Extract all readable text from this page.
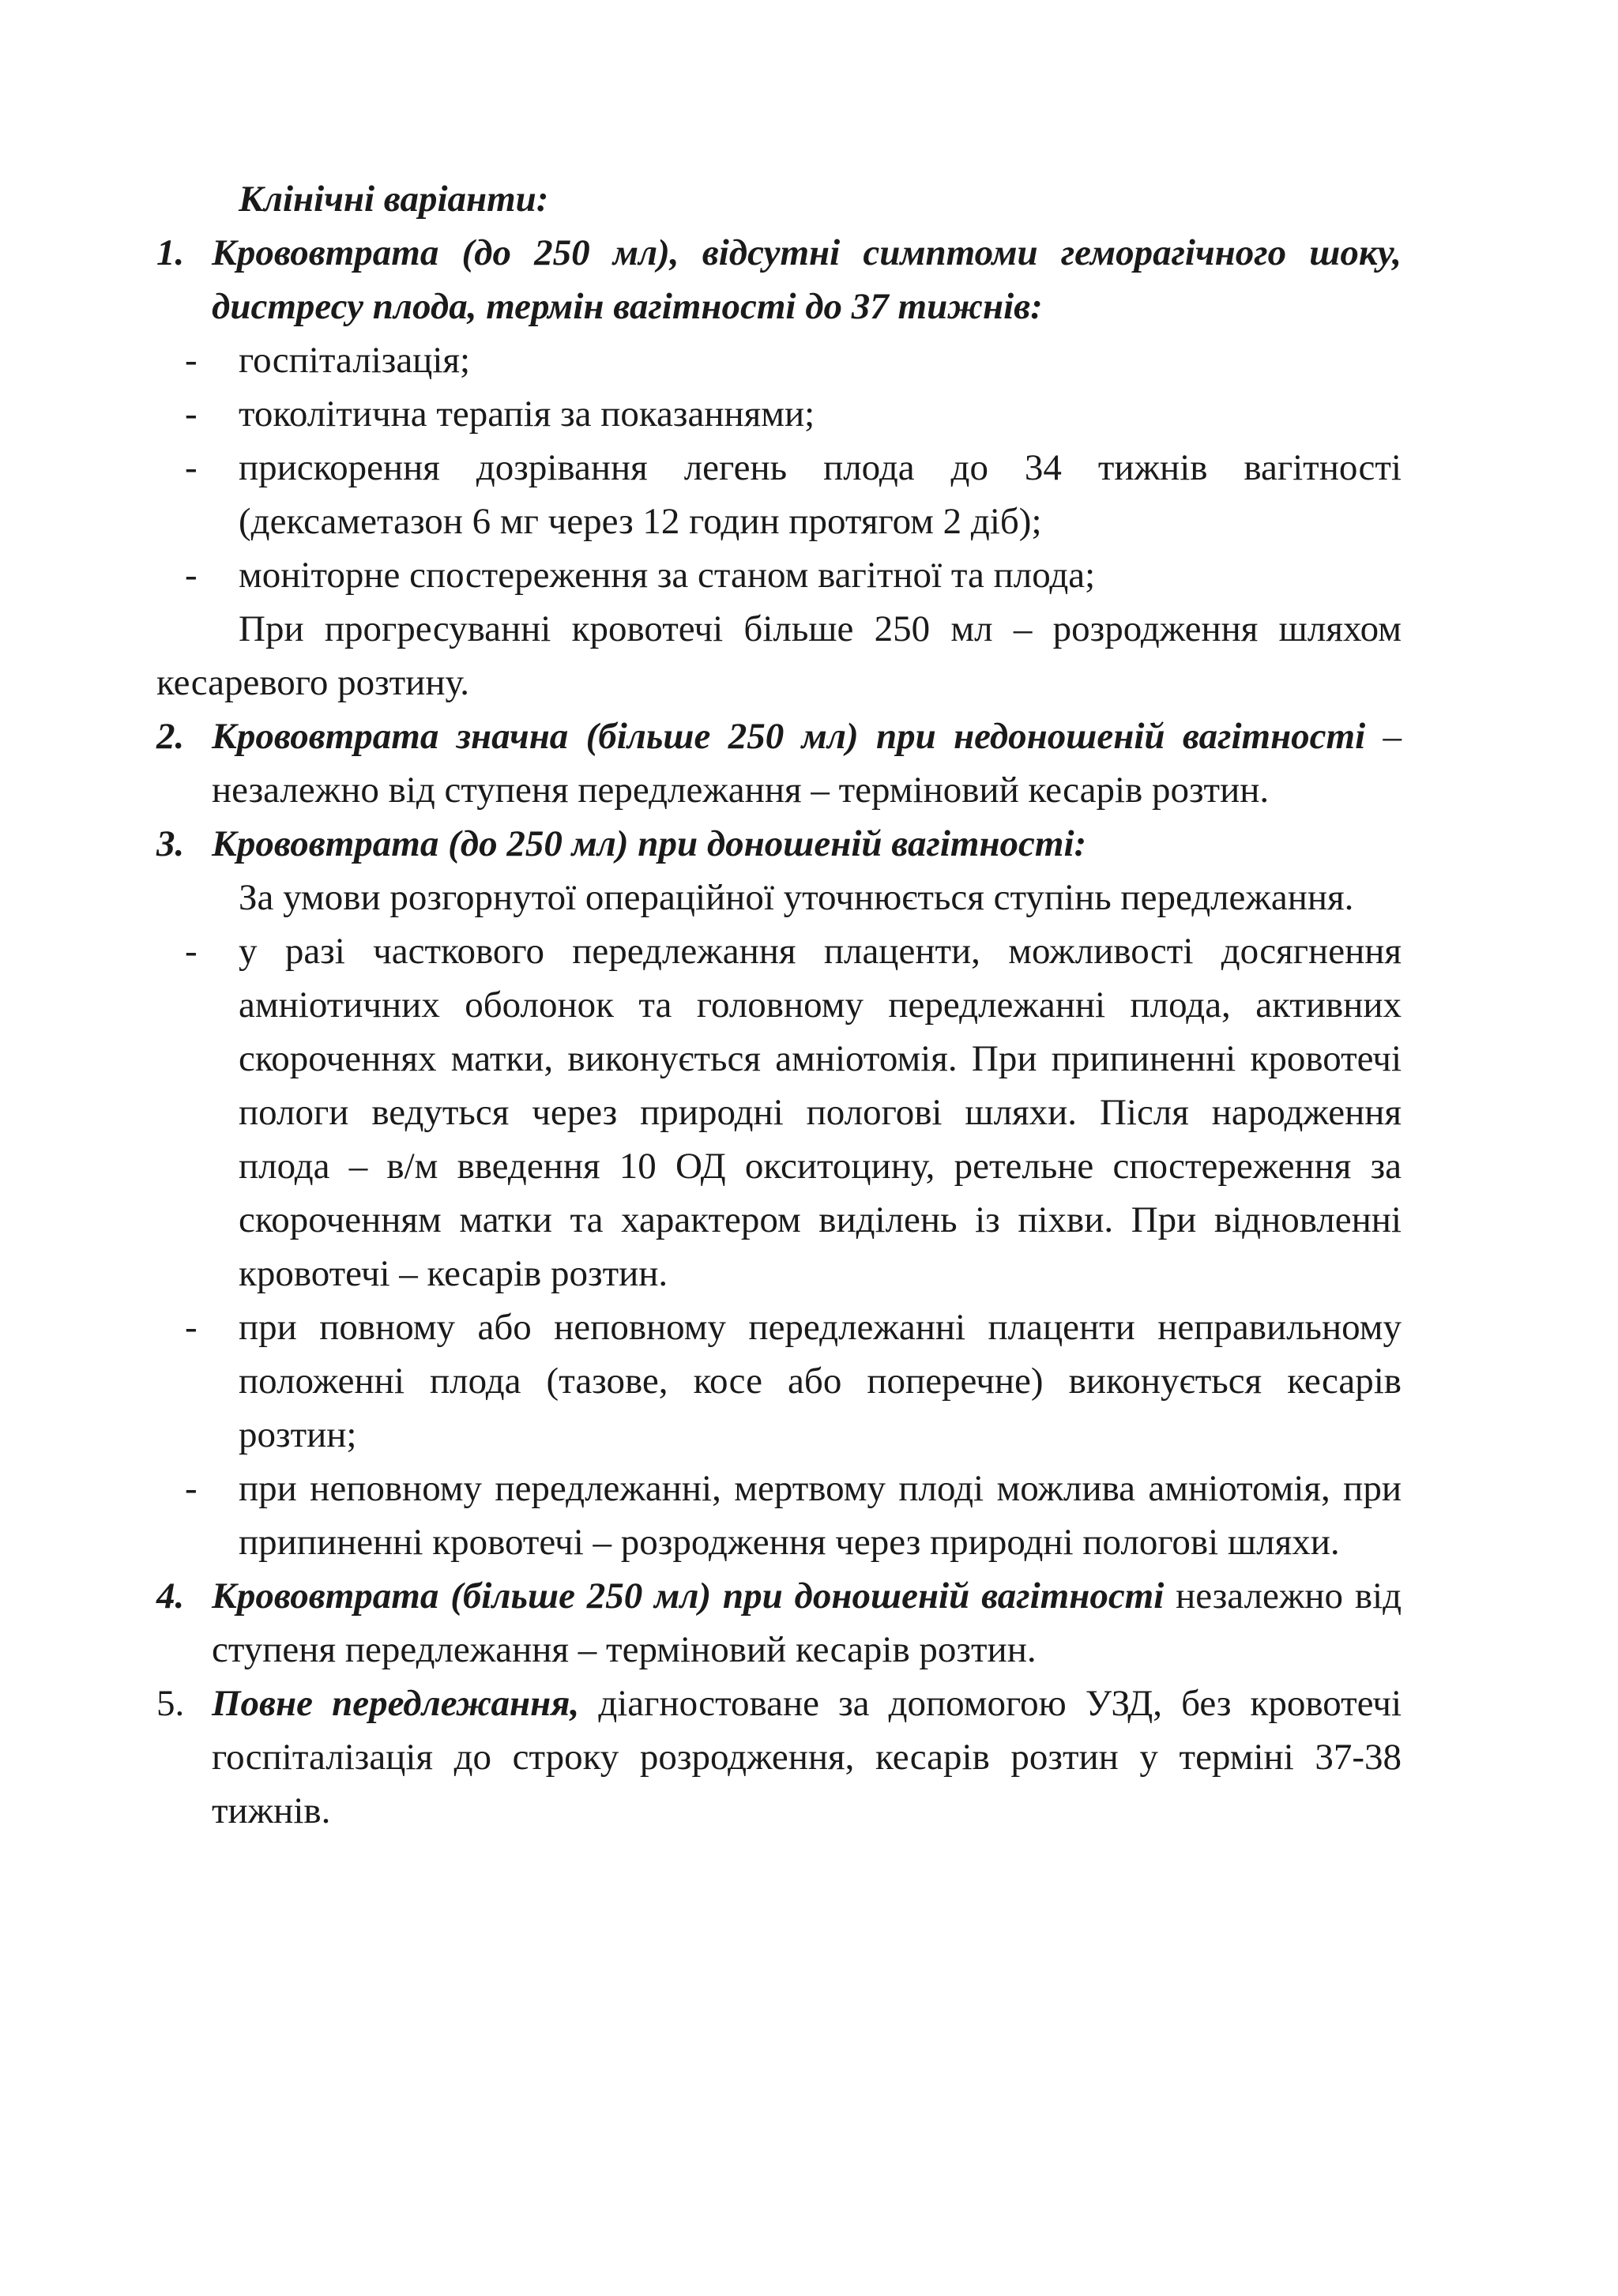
Клінічні варіанти:
1. Крововтрата (до 250 мл), відсутні симптоми геморагічного шоку, дистресу плода, термін вагітності до 37 тижнів:
- госпіталізація;
- токолітична терапія за показаннями;
- прискорення дозрівання легень плода до 34 тижнів вагітності (дексаметазон 6 мг через 12 годин протягом 2 діб);
- моніторне спостереження за станом вагітної та плода;
При прогресуванні кровотечі більше 250 мл – розродження шляхом кесаревого розтину.
2. Крововтрата значна (більше 250 мл) при недоношеній вагітності – незалежно від ступеня передлежання – терміновий кесарів розтин.
3. Крововтрата (до 250 мл) при доношеній вагітності:
За умови розгорнутої операційної уточнюється ступінь передлежання.
- у разі часткового передлежання плаценти, можливості досягнення амніотичних оболонок та головному передлежанні плода, активних скороченнях матки, виконується амніотомія. При припиненні кровотечі пологи ведуться через природні пологові шляхи. Після народження плода – в/м введення 10 ОД окситоцину, ретельне спостереження за скороченням матки та характером виділень із піхви. При відновленні кровотечі – кесарів розтин.
- при повному або неповному передлежанні плаценти неправильному положенні плода (тазове, косе або поперечне) виконується кесарів розтин;
- при неповному передлежанні, мертвому плоді можлива амніотомія, при припиненні кровотечі – розродження через природні пологові шляхи.
4. Крововтрата (більше 250 мл) при доношеній вагітності незалежно від ступеня передлежання – терміновий кесарів розтин.
5. Повне передлежання, діагностоване за допомогою УЗД, без кровотечі госпіталізація до строку розродження, кесарів розтин у терміні 37-38 тижнів.
